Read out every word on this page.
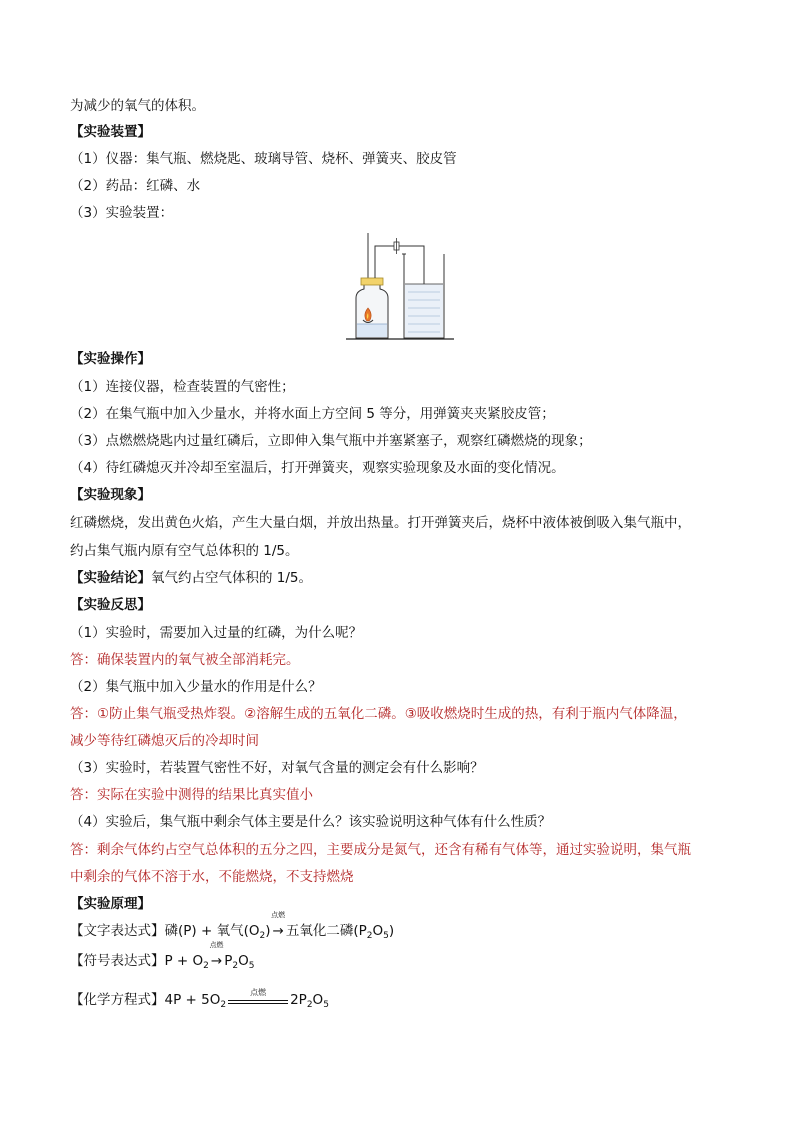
为减少的氧气的体积。
【实验装置】
（1）仪器：集气瓶、燃烧匙、玻璃导管、烧杯、弹簧夹、胶皮管
（2）药品：红磷、水
（3）实验装置：
【实验操作】
（1）连接仪器，检查装置的气密性；
（2）在集气瓶中加入少量水，并将水面上方空间 5 等分，用弹簧夹夹紧胶皮管；
（3）点燃燃烧匙内过量红磷后，立即伸入集气瓶中并塞紧塞子，观察红磷燃烧的现象；
（4）待红磷熄灭并冷却至室温后，打开弹簧夹，观察实验现象及水面的变化情况。
【实验现象】
红磷燃烧，发出黄色火焰，产生大量白烟，并放出热量。打开弹簧夹后，烧杯中液体被倒吸入集气瓶中，
约占集气瓶内原有空气总体积的 1/5。
【实验结论】氧气约占空气体积的 1/5。
【实验反思】
（1）实验时，需要加入过量的红磷，为什么呢？
答：确保装置内的氧气被全部消耗完。
（2）集气瓶中加入少量水的作用是什么？
答：①防止集气瓶受热炸裂。②溶解生成的五氧化二磷。③吸收燃烧时生成的热，有利于瓶内气体降温，
减少等待红磷熄灭后的冷却时间
（3）实验时，若装置气密性不好，对氧气含量的测定会有什么影响？
答：实际在实验中测得的结果比真实值小
（4）实验后，集气瓶中剩余气体主要是什么？该实验说明这种气体有什么性质？
答：剩余气体约占空气总体积的五分之四，主要成分是氮气，还含有稀有气体等，通过实验说明，集气瓶
中剩余的气体不溶于水，不能燃烧，不支持燃烧
【实验原理】
【文字表达式】磷(P) + 氧气$(O_2)$
点燃
→ 五氧化二磷$(P_2O_5)$
【符号表达式】$P + O_2$
点燃
→ $P_2O_5$
【化学方程式】$4P + 5O_2$
点燃	$2P_2O_5$
